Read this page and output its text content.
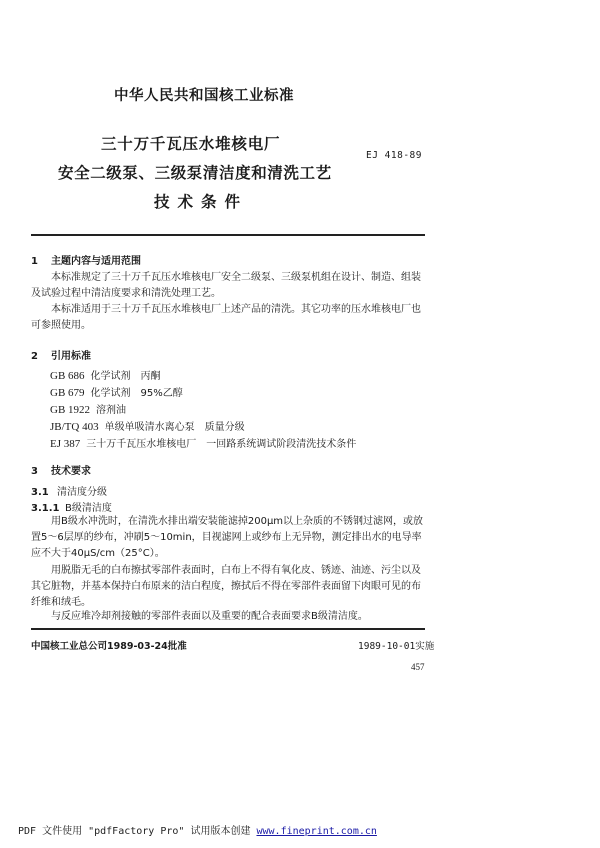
中华人民共和国核工业标准
三十万千瓦压水堆核电厂
安全二级泵、三级泵清洁度和清洗工艺
技术条件
EJ 418-89
1 主题内容与适用范围
本标准规定了三十万千瓦压水堆核电厂安全二级泵、三级泵机组在设计、制造、组装及试验过程中清洁度要求和清洗处理工艺。
本标准适用于三十万千瓦压水堆核电厂上述产品的清洗。其它功率的压水堆核电厂也可参照使用。
2 引用标准
GB 686 化学试剂　丙酮
GB 679 化学试剂　95%乙醇
GB 1922 溶剂油
JB/TQ 403 单级单吸清水离心泵　质量分级
EJ 387 三十万千瓦压水堆核电厂　一回路系统调试阶段清洗技术条件
3 技术要求
3.1 清洁度分级
3.1.1 B级清洁度
用B级水冲洗时，在清洗水排出端安装能滤掉200μm以上杂质的不锈钢过滤网，或放置5～6层厚的纱布，冲刷5～10min，目视滤网上或纱布上无异物，测定排出水的电导率应不大于40μS/cm（25°C）。
用脱脂无毛的白布擦拭零部件表面时，白布上不得有氧化皮、锈迹、油迹、污尘以及其它脏物，并基本保持白布原来的洁白程度，擦拭后不得在零部件表面留下肉眼可见的布纤维和绒毛。
与反应堆冷却剂接触的零部件表面以及重要的配合表面要求B级清洁度。
中国核工业总公司1989-03-24批准	1989-10-01实施
457
PDF 文件使用 "pdfFactory Pro" 试用版本创建 www.fineprint.com.cn
